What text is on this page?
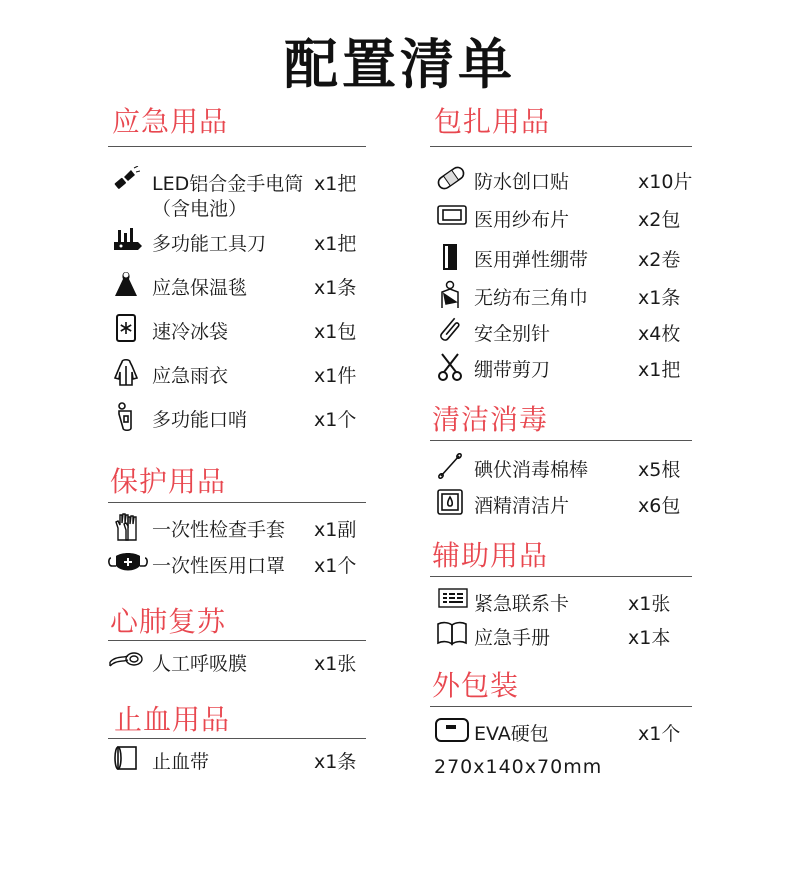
配置清单
应急用品
LED铝合金手电筒 x1把
（含电池）
多功能工具刀	x1把
应急保温毯	x1条
速冷冰袋	x1包
应急雨衣	x1件
多功能口哨	x1个
保护用品
一次性检查手套 x1副
一次性医用口罩 x1个
心肺复苏
人工呼吸膜	x1张
止血用品
止血带	x1条
包扎用品
防水创口贴	x10片
医用纱布片	x2包
医用弹性绷带	x2卷
无纺布三角巾	x1条
安全别针	x4枚
绷带剪刀	x1把
清洁消毒
碘伏消毒棉棒	x5根
酒精清洁片	x6包
辅助用品
紧急联系卡	x1张
应急手册	x1本
外包装
EVA硬包	x1个
270x140x70mm
